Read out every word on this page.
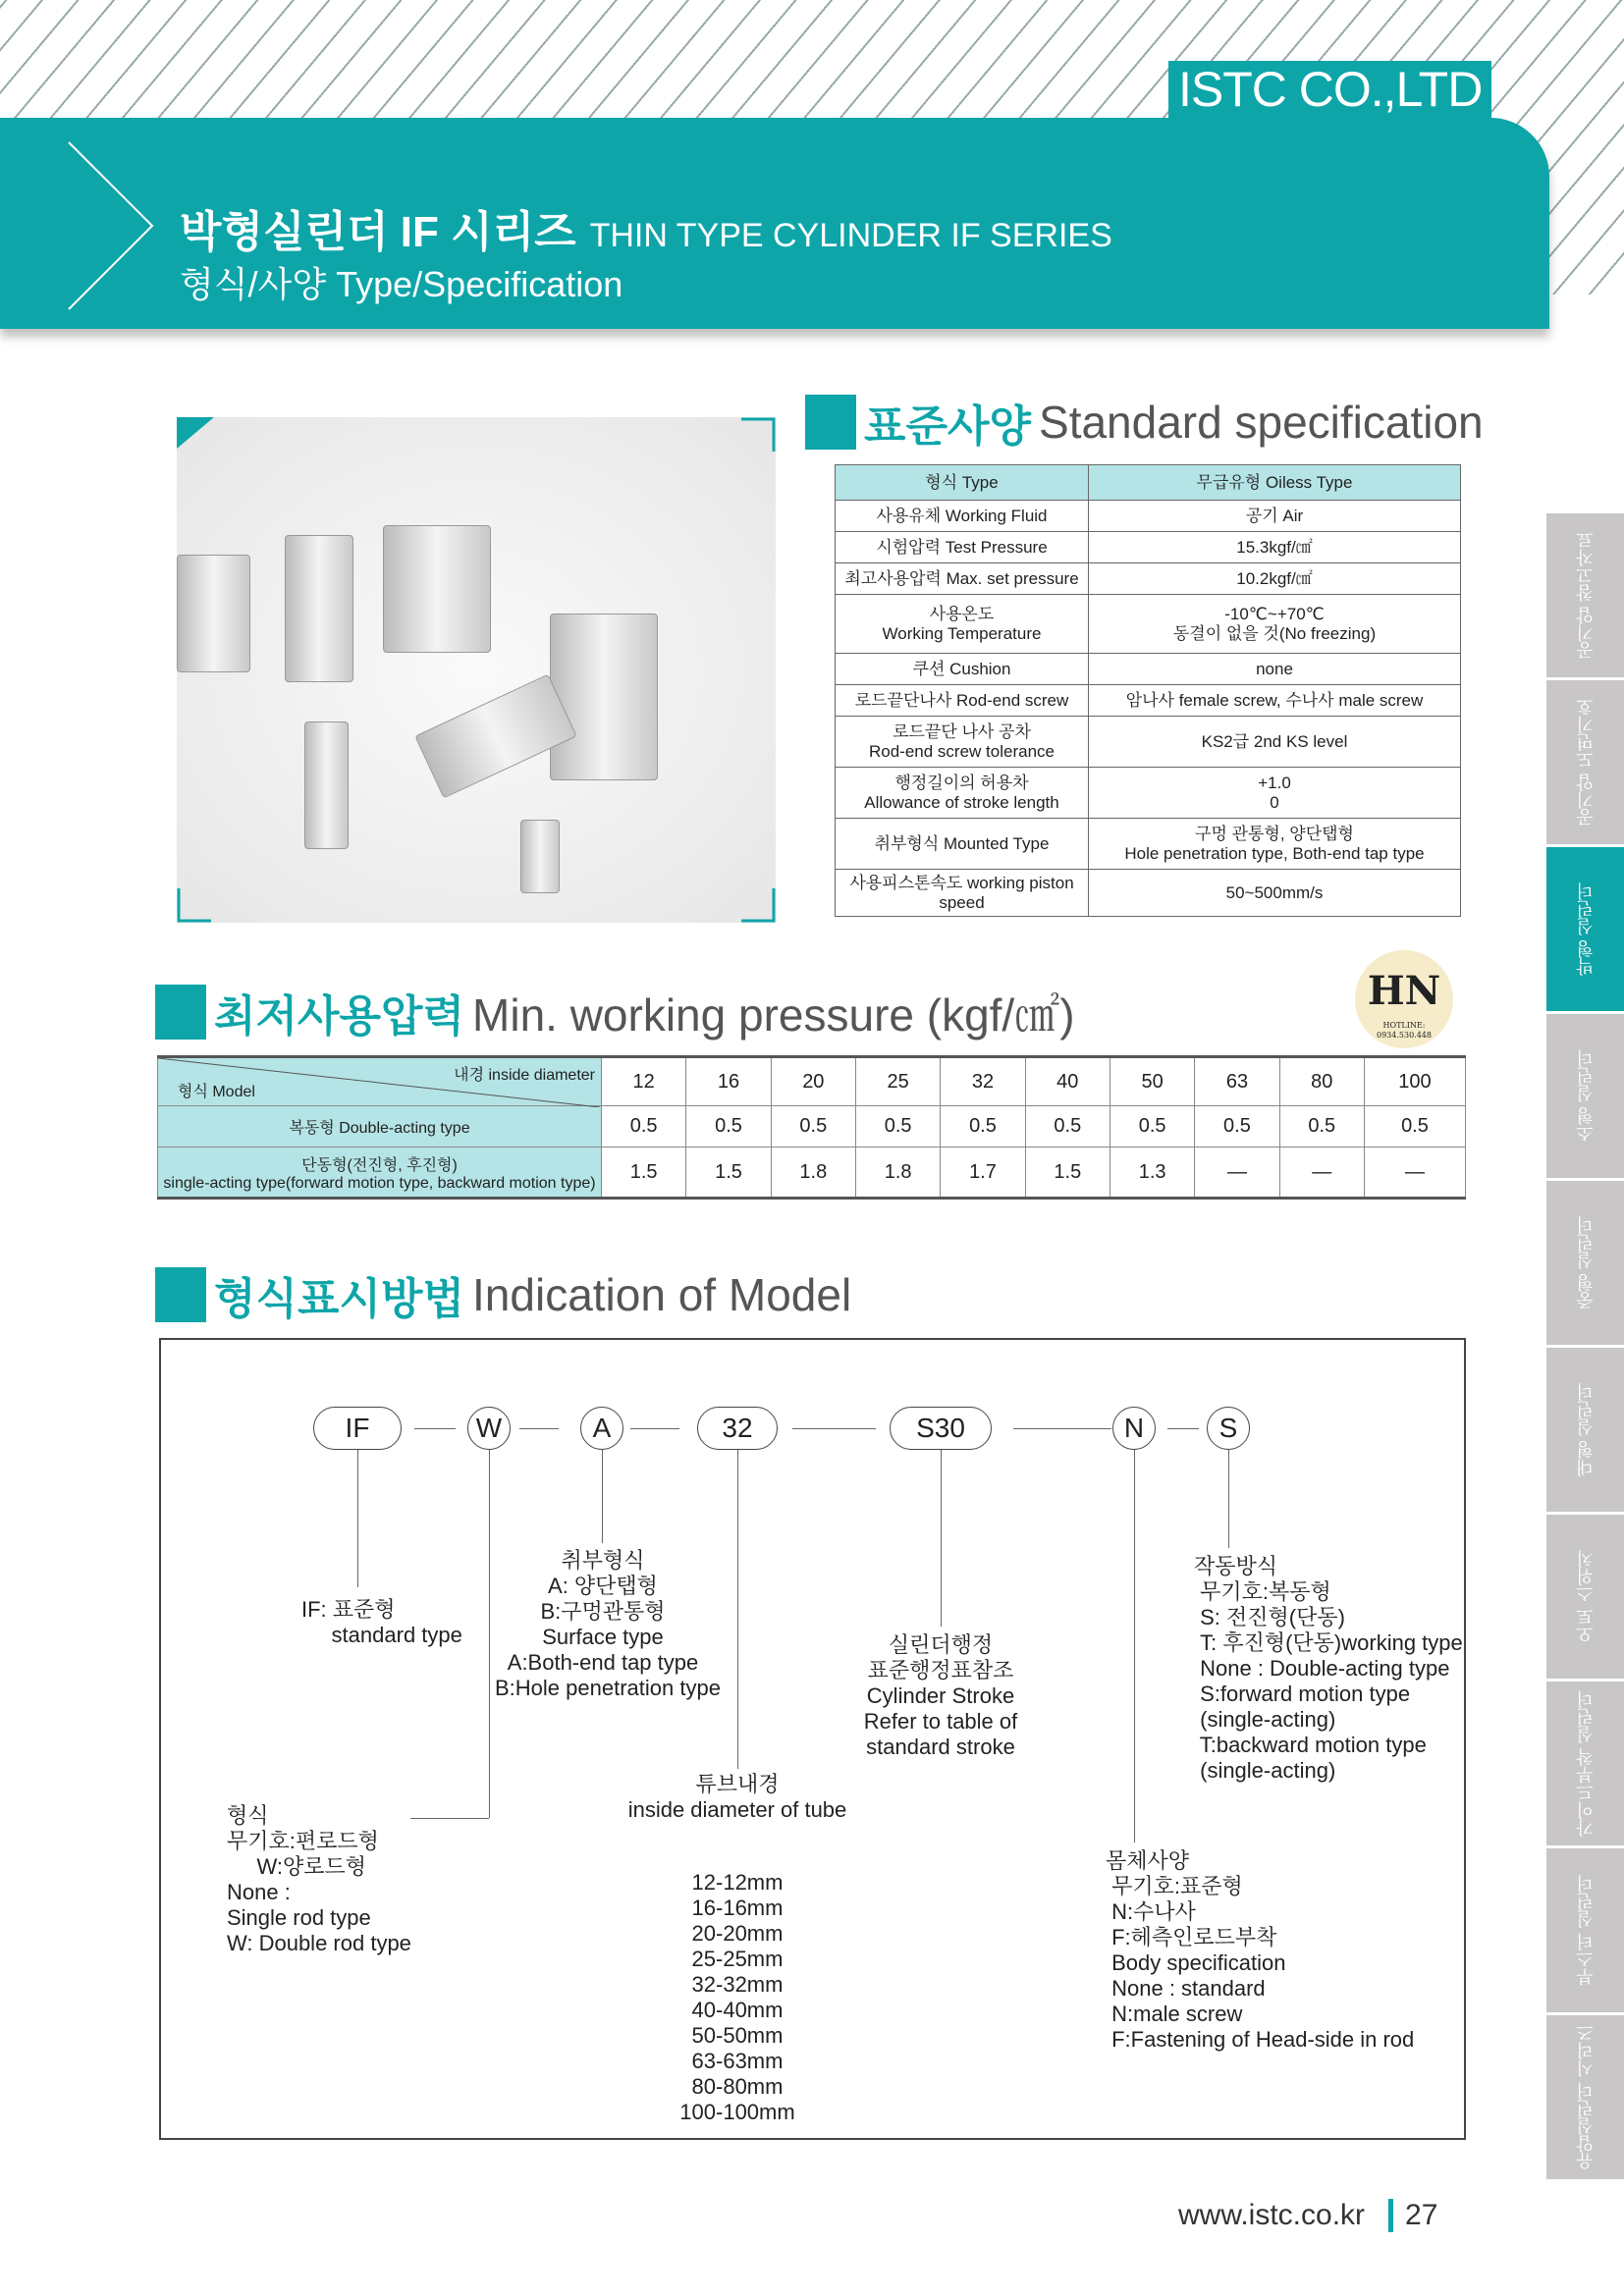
ISTC CO.,LTD
박형실린더 IF 시리즈 THIN TYPE CYLINDER IF SERIES
형식/사양 Type/Specification
표준사양 Standard specification
형식 Type	무급유형 Oiless Type
사용유체 Working Fluid	공기 Air
시험압력 Test Pressure	15.3kgf/㎠
최고사용압력 Max. set pressure	10.2kgf/㎠
사용온도
Working Temperature	-10℃~+70℃
동결이 없을 것(No freezing)
쿠션 Cushion	none
로드끝단나사 Rod-end screw	암나사 female screw, 수나사 male screw
로드끝단 나사 공차
Rod-end screw tolerance	KS2급 2nd KS level
행정길이의 허용차
Allowance of stroke length	+1.0
0
취부형식 Mounted Type	구멍 관통형, 양단탭형
Hole penetration type, Both-end tap type
사용피스톤속도 working piston speed	50~500mm/s
최저사용압력 Min. working pressure (kgf/㎠)
형식 Model
내경 inside diameter	12	16	20	25	32	40	50	63	80	100
복동형 Double-acting type	0.5	0.5	0.5	0.5	0.5	0.5	0.5	0.5	0.5	0.5
단동형(전진형, 후진형)
single-acting type(forward motion type, backward motion type)	1.5	1.5	1.8	1.8	1.7	1.5	1.3	—	—	—
HN
HOTLINE: 0934.530.448
형식표시방법 Indication of Model
IF	W	A	32	S30	N	S
IF: 표준형
standard type
형식
무기호:편로드형
W:양로드형
None :
Single rod type
W: Double rod type
취부형식
A: 양단탭형
B:구멍관통형
Surface type
A:Both-end tap type
B:Hole penetration type
튜브내경
inside diameter of tube
12-12mm
16-16mm
20-20mm
25-25mm
32-32mm
40-40mm
50-50mm
63-63mm
80-80mm
100-100mm
실린더행정
표준행정표참조
Cylinder Stroke
Refer to table of
standard stroke
몸체사양
무기호:표준형
N:수나사
F:헤측인로드부착
Body specification
None : standard
N:male screw
F:Fastening of Head-side in rod
작동방식
무기호:복동형
S: 전진형(단동)
T: 후진형(단동)working type
None : Double-acting type
S:forward motion type
(single-acting)
T:backward motion type
(single-acting)
공기압 참고자료
공기압 도면기호
박형 실린더
소형 실린더
중형 실린더
대형 실린더
오토 스위치
가이드부착 실린더
부스터 실린더
유압실린더 시리즈
www.istc.co.kr 27
